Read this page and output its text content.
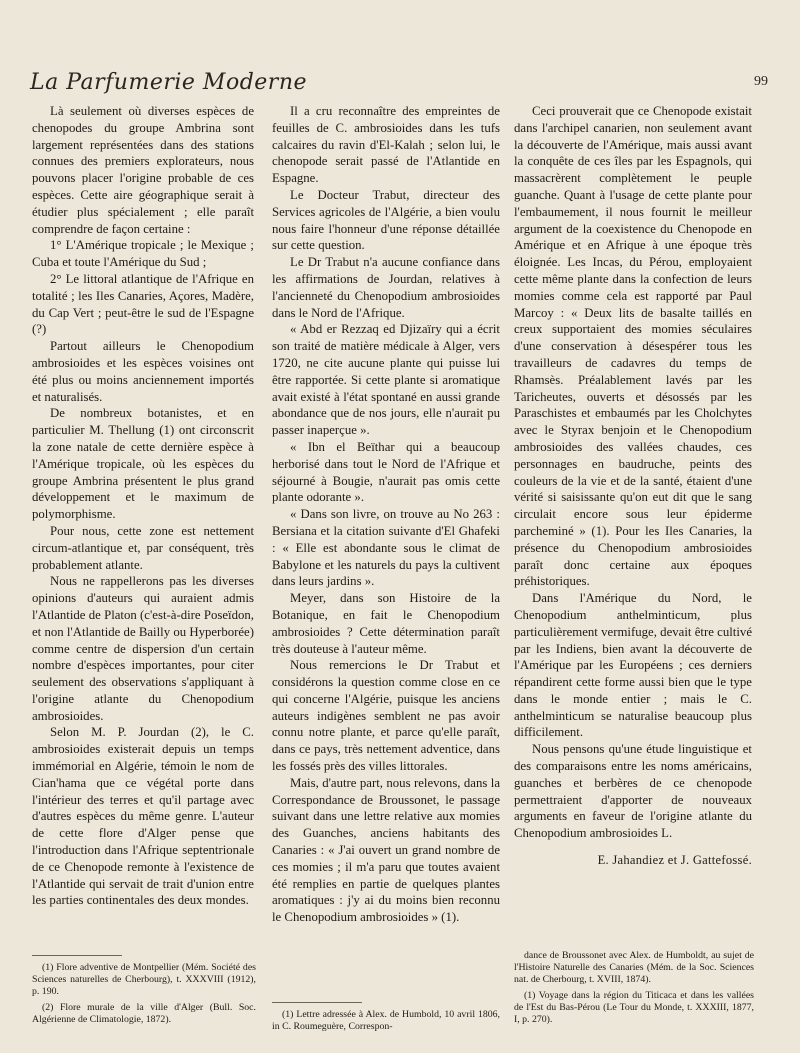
La Parfumerie Moderne	99

Là seulement où diverses espèces de chenopodes du groupe Ambrina sont largement représentées dans des stations connues des premiers explorateurs, nous pouvons placer l'origine probable de ces espèces. Cette aire géographique serait à étudier plus spécialement ; elle paraît comprendre de façon certaine :

1° L'Amérique tropicale ; le Mexique ; Cuba et toute l'Amérique du Sud ;

2° Le littoral atlantique de l'Afrique en totalité ; les Iles Canaries, Açores, Madère, du Cap Vert ; peut-être le sud de l'Espagne (?)

Partout ailleurs le Chenopodium ambrosioides et les espèces voisines ont été plus ou moins anciennement importés et naturalisés.

De nombreux botanistes, et en particulier M. Thellung (1) ont circonscrit la zone natale de cette dernière espèce à l'Amérique tropicale, où les espèces du groupe Ambrina présentent le plus grand développement et le maximum de polymorphisme.

Pour nous, cette zone est nettement circum-atlantique et, par conséquent, très probablement atlante.

Nous ne rappellerons pas les diverses opinions d'auteurs qui auraient admis l'Atlantide de Platon (c'est-à-dire Poseïdon, et non l'Atlantide de Bailly ou Hyperborée) comme centre de dispersion d'un certain nombre d'espèces importantes, pour citer seulement des observations s'appliquant à l'origine atlante du Chenopodium ambrosioides.

Selon M. P. Jourdan (2), le C. ambrosioides existerait depuis un temps immémorial en Algérie, témoin le nom de Cian'hama que ce végétal porte dans l'intérieur des terres et qu'il partage avec d'autres espèces du même genre. L'auteur de cette flore d'Alger pense que l'introduction dans l'Afrique septentrionale de ce Chenopode remonte à l'existence de l'Atlantide qui servait de trait d'union entre les parties continentales des deux mondes.

Il a cru reconnaître des empreintes de feuilles de C. ambrosioides dans les tufs calcaires du ravin d'El-Kalah ; selon lui, le chenopode serait passé de l'Atlantide en Espagne.

Le Docteur Trabut, directeur des Services agricoles de l'Algérie, a bien voulu nous faire l'honneur d'une réponse détaillée sur cette question.

Le Dr Trabut n'a aucune confiance dans les affirmations de Jourdan, relatives à l'ancienneté du Chenopodium ambrosioides dans le Nord de l'Afrique.

« Abd er Rezzaq ed Djizaïry qui a écrit son traité de matière médicale à Alger, vers 1720, ne cite aucune plante qui puisse lui être rapportée. Si cette plante si aromatique avait existé à l'état spontané en aussi grande abondance que de nos jours, elle n'aurait pu passer inaperçue ».

« Ibn el Beïthar qui a beaucoup herborisé dans tout le Nord de l'Afrique et séjourné à Bougie, n'aurait pas omis cette plante odorante ».

« Dans son livre, on trouve au No 263 : Bersiana et la citation suivante d'El Ghafeki : « Elle est abondante sous le climat de Babylone et les naturels du pays la cultivent dans leurs jardins ».

Meyer, dans son Histoire de la Botanique, en fait le Chenopodium ambrosioides ? Cette détermination paraît très douteuse à l'auteur même.

Nous remercions le Dr Trabut et considérons la question comme close en ce qui concerne l'Algérie, puisque les anciens auteurs indigènes semblent ne pas avoir connu notre plante, et parce qu'elle paraît, dans ce pays, très nettement adventice, dans les fossés près des villes littorales.

Mais, d'autre part, nous relevons, dans la Correspondance de Broussonet, le passage suivant dans une lettre relative aux momies des Guanches, anciens habitants des Canaries : « J'ai ouvert un grand nombre de ces momies ; il m'a paru que toutes avaient été remplies en partie de quelques plantes aromatiques : j'y ai du moins bien reconnu le Chenopodium ambrosioides » (1).

Ceci prouverait que ce Chenopode existait dans l'archipel canarien, non seulement avant la découverte de l'Amérique, mais aussi avant la conquête de ces îles par les Espagnols, qui massacrèrent complètement le peuple guanche. Quant à l'usage de cette plante pour l'embaumement, il nous fournit le meilleur argument de la coexistence du Chenopode en Amérique et en Afrique à une époque très éloignée. Les Incas, du Pérou, employaient cette même plante dans la confection de leurs momies comme cela est rapporté par Paul Marcoy : « Deux lits de basalte taillés en creux supportaient des momies séculaires d'une conservation à désespérer tous les travailleurs de cadavres du temps de Rhamsès. Préalablement lavés par les Taricheutes, ouverts et désossés par les Paraschistes et embaumés par les Cholchytes avec le Styrax benjoin et le Chenopodium ambrosioides des vallées chaudes, ces personnages en baudruche, peints des couleurs de la vie et de la santé, étaient d'une vérité si saisissante qu'on eut dit que le sang circulait encore sous leur épiderme parcheminé » (1). Pour les Iles Canaries, la présence du Chenopodium ambrosioides paraît donc certaine aux époques préhistoriques.

Dans l'Amérique du Nord, le Chenopodium anthelminticum, plus particulièrement vermifuge, devait être cultivé par les Indiens, bien avant la découverte de l'Amérique par les Européens ; ces derniers répandirent cette forme aussi bien que le type dans le monde entier ; mais le C. anthelminticum se naturalise beaucoup plus difficilement.

Nous pensons qu'une étude linguistique et des comparaisons entre les noms américains, guanches et berbères de ce chenopode permettraient d'apporter de nouveaux arguments en faveur de l'origine atlante du Chenopodium ambrosioides L.

E. Jahandiez et J. Gattefossé.

(1) Flore adventive de Montpellier (Mém. Société des Sciences naturelles de Cherbourg), t. XXXVIII (1912), p. 190.

(2) Flore murale de la ville d'Alger (Bull. Soc. Algérienne de Climatologie, 1872).	(1) Lettre adressée à Alex. de Humbold, 10 avril 1806, in C. Roumeguère, Correspon-

dance de Broussonet avec Alex. de Humboldt, au sujet de l'Histoire Naturelle des Canaries (Mém. de la Soc. Sciences nat. de Cherbourg, t. XVIII, 1874).

(1) Voyage dans la région du Titicaca et dans les vallées de l'Est du Bas-Pérou (Le Tour du Monde, t. XXXIII, 1877, I, p. 270).
